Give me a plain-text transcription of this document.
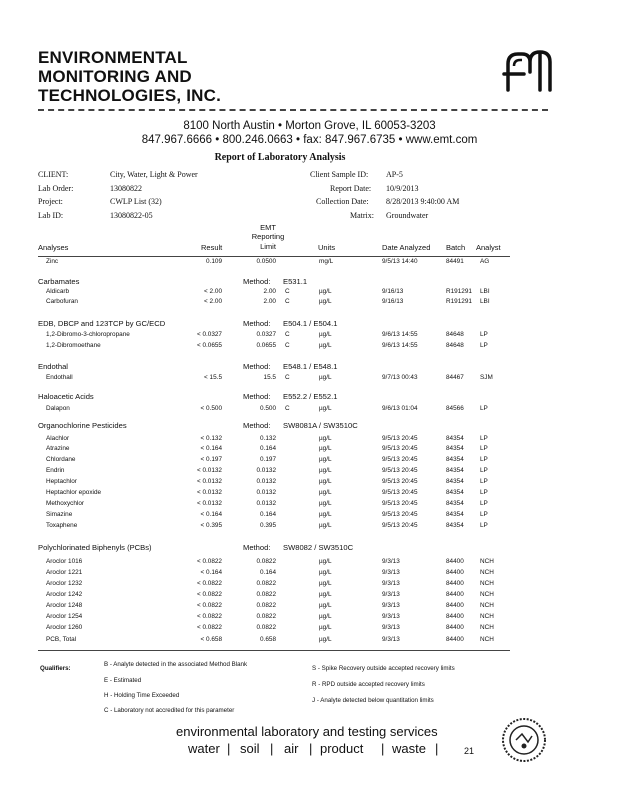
ENVIRONMENTAL
MONITORING AND
TECHNOLOGIES, INC.
8100 North Austin • Morton Grove, IL 60053-3203
847.967.6666 • 800.246.0663 • fax: 847.967.6735 • www.emt.com
Report of Laboratory Analysis
CLIENT:	City, Water, Light & Power	Client Sample ID: AP-5
Lab Order:	13080822	Report Date: 10/9/2013
Project:	CWLP List (32)	Collection Date: 8/28/2013 9:40:00 AM
Lab ID:	13080822-05	Matrix: Groundwater
Analyses	Result
EMT
Reporting
Limit	Units	Date Analyzed Batch Analyst
Zinc	0.109	0.0500	mg/L	9/5/13 14:40	84491	AG
Carbamates	Method: E531.1
Aldicarb	< 2.00	2.00 C	µg/L	9/16/13	R191291 LBI
Carbofuran	< 2.00	2.00 C	µg/L	9/16/13	R191291 LBI
EDB, DBCP and 123TCP by GC/ECD	Method: E504.1 / E504.1
1,2-Dibromo-3-chloropropane	< 0.0327	0.0327 C	µg/L	9/6/13 14:55	84648	LP
1,2-Dibromoethane	< 0.0655	0.0655 C	µg/L	9/6/13 14:55	84648	LP
Endothal	Method: E548.1 / E548.1
Endothall	< 15.5	15.5 C	µg/L	9/7/13 00:43	84467	SJM
Haloacetic Acids	Method: E552.2 / E552.1
Dalapon	< 0.500	0.500 C	µg/L	9/6/13 01:04	84566	LP
Organochlorine Pesticides	Method: SW8081A / SW3510C
Alachlor	< 0.132	0.132	µg/L	9/5/13 20:45	84354	LP
Atrazine	< 0.164	0.164	µg/L	9/5/13 20:45	84354	LP
Chlordane	< 0.197	0.197	µg/L	9/5/13 20:45	84354	LP
Endrin	< 0.0132	0.0132	µg/L	9/5/13 20:45	84354	LP
Heptachlor	< 0.0132	0.0132	µg/L	9/5/13 20:45	84354	LP
Heptachlor epoxide	< 0.0132	0.0132	µg/L	9/5/13 20:45	84354	LP
Methoxychlor	< 0.0132	0.0132	µg/L	9/5/13 20:45	84354	LP
Simazine	< 0.164	0.164	µg/L	9/5/13 20:45	84354	LP
Toxaphene	< 0.395	0.395	µg/L	9/5/13 20:45	84354	LP
Polychlorinated Biphenyls (PCBs)	Method: SW8082 / SW3510C
Aroclor 1016	< 0.0822	0.0822	µg/L	9/3/13	84400	NCH
Aroclor 1221	< 0.164	0.164	µg/L	9/3/13	84400	NCH
Aroclor 1232	< 0.0822	0.0822	µg/L	9/3/13	84400	NCH
Aroclor 1242	< 0.0822	0.0822	µg/L	9/3/13	84400	NCH
Aroclor 1248	< 0.0822	0.0822	µg/L	9/3/13	84400	NCH
Aroclor 1254	< 0.0822	0.0822	µg/L	9/3/13	84400	NCH
Aroclor 1260	< 0.0822	0.0822	µg/L	9/3/13	84400	NCH
PCB, Total	< 0.658	0.658	µg/L	9/3/13	84400	NCH
Qualifiers:
B - Analyte detected in the associated Method Blank
E - Estimated
H - Holding Time Exceeded
C - Laboratory not accredited for this parameter
S - Spike Recovery outside accepted recovery limits
R - RPD outside accepted recovery limits
J - Analyte detected below quantitation limits
environmental laboratory and testing services
water | soil | air | product | waste |	21
